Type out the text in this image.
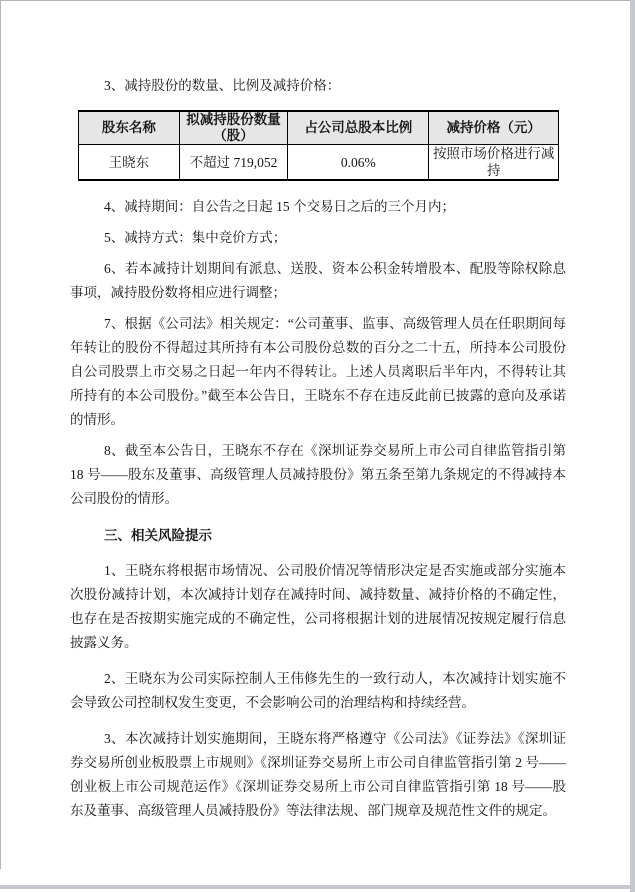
3、减持股份的数量、比例及减持价格：

股东名称	拟减持股份数量（股）	占公司总股本比例	减持价格（元）
王晓东	不超过 719,052	0.06%	按照市场价格进行减持

4、减持期间：自公告之日起 15 个交易日之后的三个月内；

5、减持方式：集中竞价方式；

6、若本减持计划期间有派息、送股、资本公积金转增股本、配股等除权除息事项，减持股份数将相应进行调整；

7、根据《公司法》相关规定：“公司董事、监事、高级管理人员在任职期间每年转让的股份不得超过其所持有本公司股份总数的百分之二十五，所持本公司股份自公司股票上市交易之日起一年内不得转让。上述人员离职后半年内，不得转让其所持有的本公司股份。”截至本公告日，王晓东不存在违反此前已披露的意向及承诺的情形。

8、截至本公告日，王晓东不存在《深圳证券交易所上市公司自律监管指引第 18 号——股东及董事、高级管理人员减持股份》第五条至第九条规定的不得减持本公司股份的情形。

三、相关风险提示

1、王晓东将根据市场情况、公司股价情况等情形决定是否实施或部分实施本次股份减持计划，本次减持计划存在减持时间、减持数量、减持价格的不确定性，也存在是否按期实施完成的不确定性，公司将根据计划的进展情况按规定履行信息披露义务。

2、王晓东为公司实际控制人王伟修先生的一致行动人，本次减持计划实施不会导致公司控制权发生变更，不会影响公司的治理结构和持续经营。

3、本次减持计划实施期间，王晓东将严格遵守《公司法》《证券法》《深圳证券交易所创业板股票上市规则》《深圳证券交易所上市公司自律监管指引第 2 号——创业板上市公司规范运作》《深圳证券交易所上市公司自律监管指引第 18 号——股东及董事、高级管理人员减持股份》等法律法规、部门规章及规范性文件的规定。
